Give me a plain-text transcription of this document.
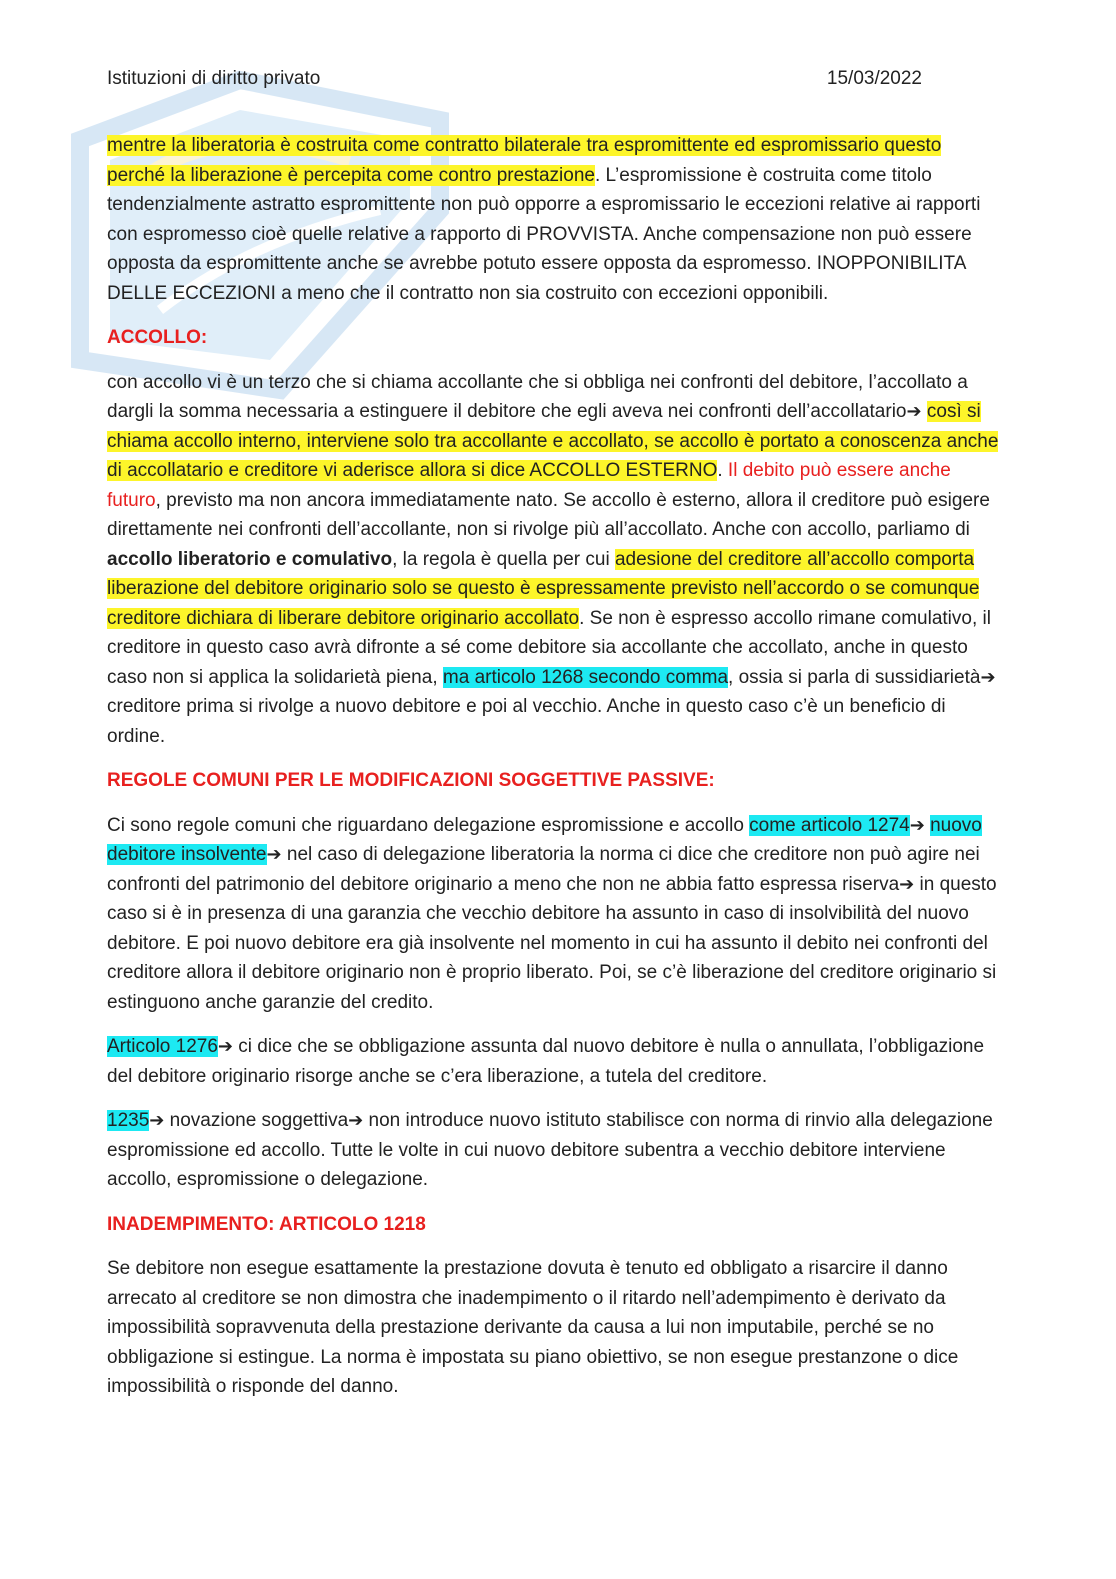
Istituzioni di diritto privato	15/03/2022

mentre la liberatoria è costruita come contratto bilaterale tra espromittente ed espromissario questo perché la liberazione è percepita come contro prestazione. L’espromissione è costruita come titolo tendenzialmente astratto espromittente non può opporre a espromissario le eccezioni relative ai rapporti con espromesso cioè quelle relative a rapporto di PROVVISTA. Anche compensazione non può essere opposta da espromittente anche se avrebbe potuto essere opposta da espromesso. INOPPONIBILITA DELLE ECCEZIONI a meno che il contratto non sia costruito con eccezioni opponibili.

ACCOLLO:

con accollo vi è un terzo che si chiama accollante che si obbliga nei confronti del debitore, l’accollato a dargli la somma necessaria a estinguere il debitore che egli aveva nei confronti dell’accollatario➔ così si chiama accollo interno, interviene solo tra accollante e accollato, se accollo è portato a conoscenza anche di accollatario e creditore vi aderisce allora si dice ACCOLLO ESTERNO. Il debito può essere anche futuro, previsto ma non ancora immediatamente nato. Se accollo è esterno, allora il creditore può esigere direttamente nei confronti dell’accollante, non si rivolge più all’accollato. Anche con accollo, parliamo di accollo liberatorio e comulativo, la regola è quella per cui adesione del creditore all’accollo comporta liberazione del debitore originario solo se questo è espressamente previsto nell’accordo o se comunque creditore dichiara di liberare debitore originario accollato. Se non è espresso accollo rimane comulativo, il creditore in questo caso avrà difronte a sé come debitore sia accollante che accollato, anche in questo caso non si applica la solidarietà piena, ma articolo 1268 secondo comma, ossia si parla di sussidiarietà➔ creditore prima si rivolge a nuovo debitore e poi al vecchio. Anche in questo caso c’è un beneficio di ordine.

REGOLE COMUNI PER LE MODIFICAZIONI SOGGETTIVE PASSIVE:

Ci sono regole comuni che riguardano delegazione espromissione e accollo come articolo 1274➔ nuovo debitore insolvente➔ nel caso di delegazione liberatoria la norma ci dice che creditore non può agire nei confronti del patrimonio del debitore originario a meno che non ne abbia fatto espressa riserva➔ in questo caso si è in presenza di una garanzia che vecchio debitore ha assunto in caso di insolvibilità del nuovo debitore. E poi nuovo debitore era già insolvente nel momento in cui ha assunto il debito nei confronti del creditore allora il debitore originario non è proprio liberato. Poi, se c’è liberazione del creditore originario si estinguono anche garanzie del credito.

Articolo 1276➔ ci dice che se obbligazione assunta dal nuovo debitore è nulla o annullata, l’obbligazione del debitore originario risorge anche se c’era liberazione, a tutela del creditore.

1235➔ novazione soggettiva➔ non introduce nuovo istituto stabilisce con norma di rinvio alla delegazione espromissione ed accollo. Tutte le volte in cui nuovo debitore subentra a vecchio debitore interviene accollo, espromissione o delegazione.

INADEMPIMENTO: ARTICOLO 1218

Se debitore non esegue esattamente la prestazione dovuta è tenuto ed obbligato a risarcire il danno arrecato al creditore se non dimostra che inadempimento o il ritardo nell’adempimento è derivato da impossibilità sopravvenuta della prestazione derivante da causa a lui non imputabile, perché se no obbligazione si estingue. La norma è impostata su piano obiettivo, se non esegue prestanzone o dice impossibilità o risponde del danno.
